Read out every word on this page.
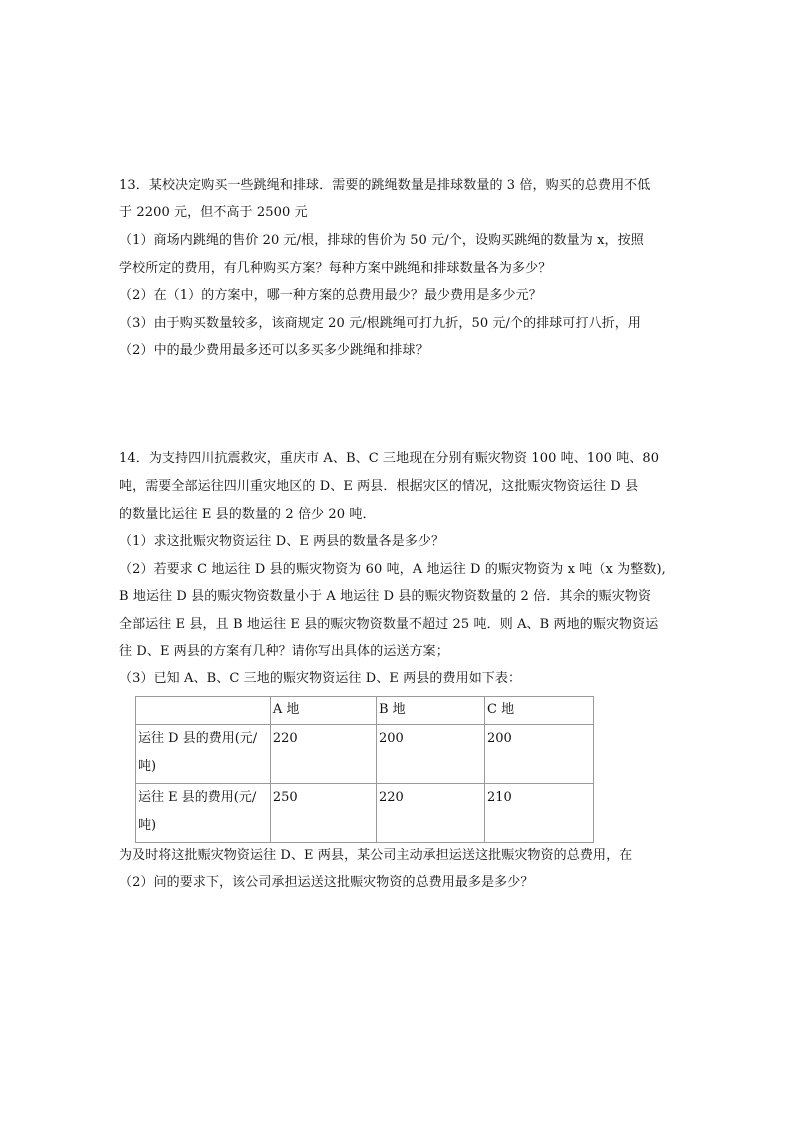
13．某校决定购买一些跳绳和排球．需要的跳绳数量是排球数量的 3 倍，购买的总费用不低
于 2200 元，但不高于 2500 元
（1）商场内跳绳的售价 20 元/根，排球的售价为 50 元/个，设购买跳绳的数量为 x，按照
学校所定的费用，有几种购买方案？每种方案中跳绳和排球数量各为多少？
（2）在（1）的方案中，哪一种方案的总费用最少？最少费用是多少元？
（3）由于购买数量较多，该商规定 20 元/根跳绳可打九折，50 元/个的排球可打八折，用
（2）中的最少费用最多还可以多买多少跳绳和排球？
14．为支持四川抗震救灾，重庆市 A、B、C 三地现在分别有赈灾物资 100 吨、100 吨、80
吨，需要全部运往四川重灾地区的 D、E 两县．根据灾区的情况，这批赈灾物资运往 D 县
的数量比运往 E 县的数量的 2 倍少 20 吨．
（1）求这批赈灾物资运往 D、E 两县的数量各是多少？
（2）若要求 C 地运往 D 县的赈灾物资为 60 吨，A 地运往 D 的赈灾物资为 x 吨（x 为整数),
B 地运往 D 县的赈灾物资数量小于 A 地运往 D 县的赈灾物资数量的 2 倍．其余的赈灾物资
全部运往 E 县，且 B 地运往 E 县的赈灾物资数量不超过 25 吨．则 A、B 两地的赈灾物资运
往 D、E 两县的方案有几种？请你写出具体的运送方案；
（3）已知 A、B、C 三地的赈灾物资运往 D、E 两县的费用如下表：
	A 地	B 地	C 地
运往 D 县的费用(元/吨)	220	200	200
运往 E 县的费用(元/吨)	250	220	210
为及时将这批赈灾物资运往 D、E 两县，某公司主动承担运送这批赈灾物资的总费用，在
（2）问的要求下，该公司承担运送这批赈灾物资的总费用最多是多少？
